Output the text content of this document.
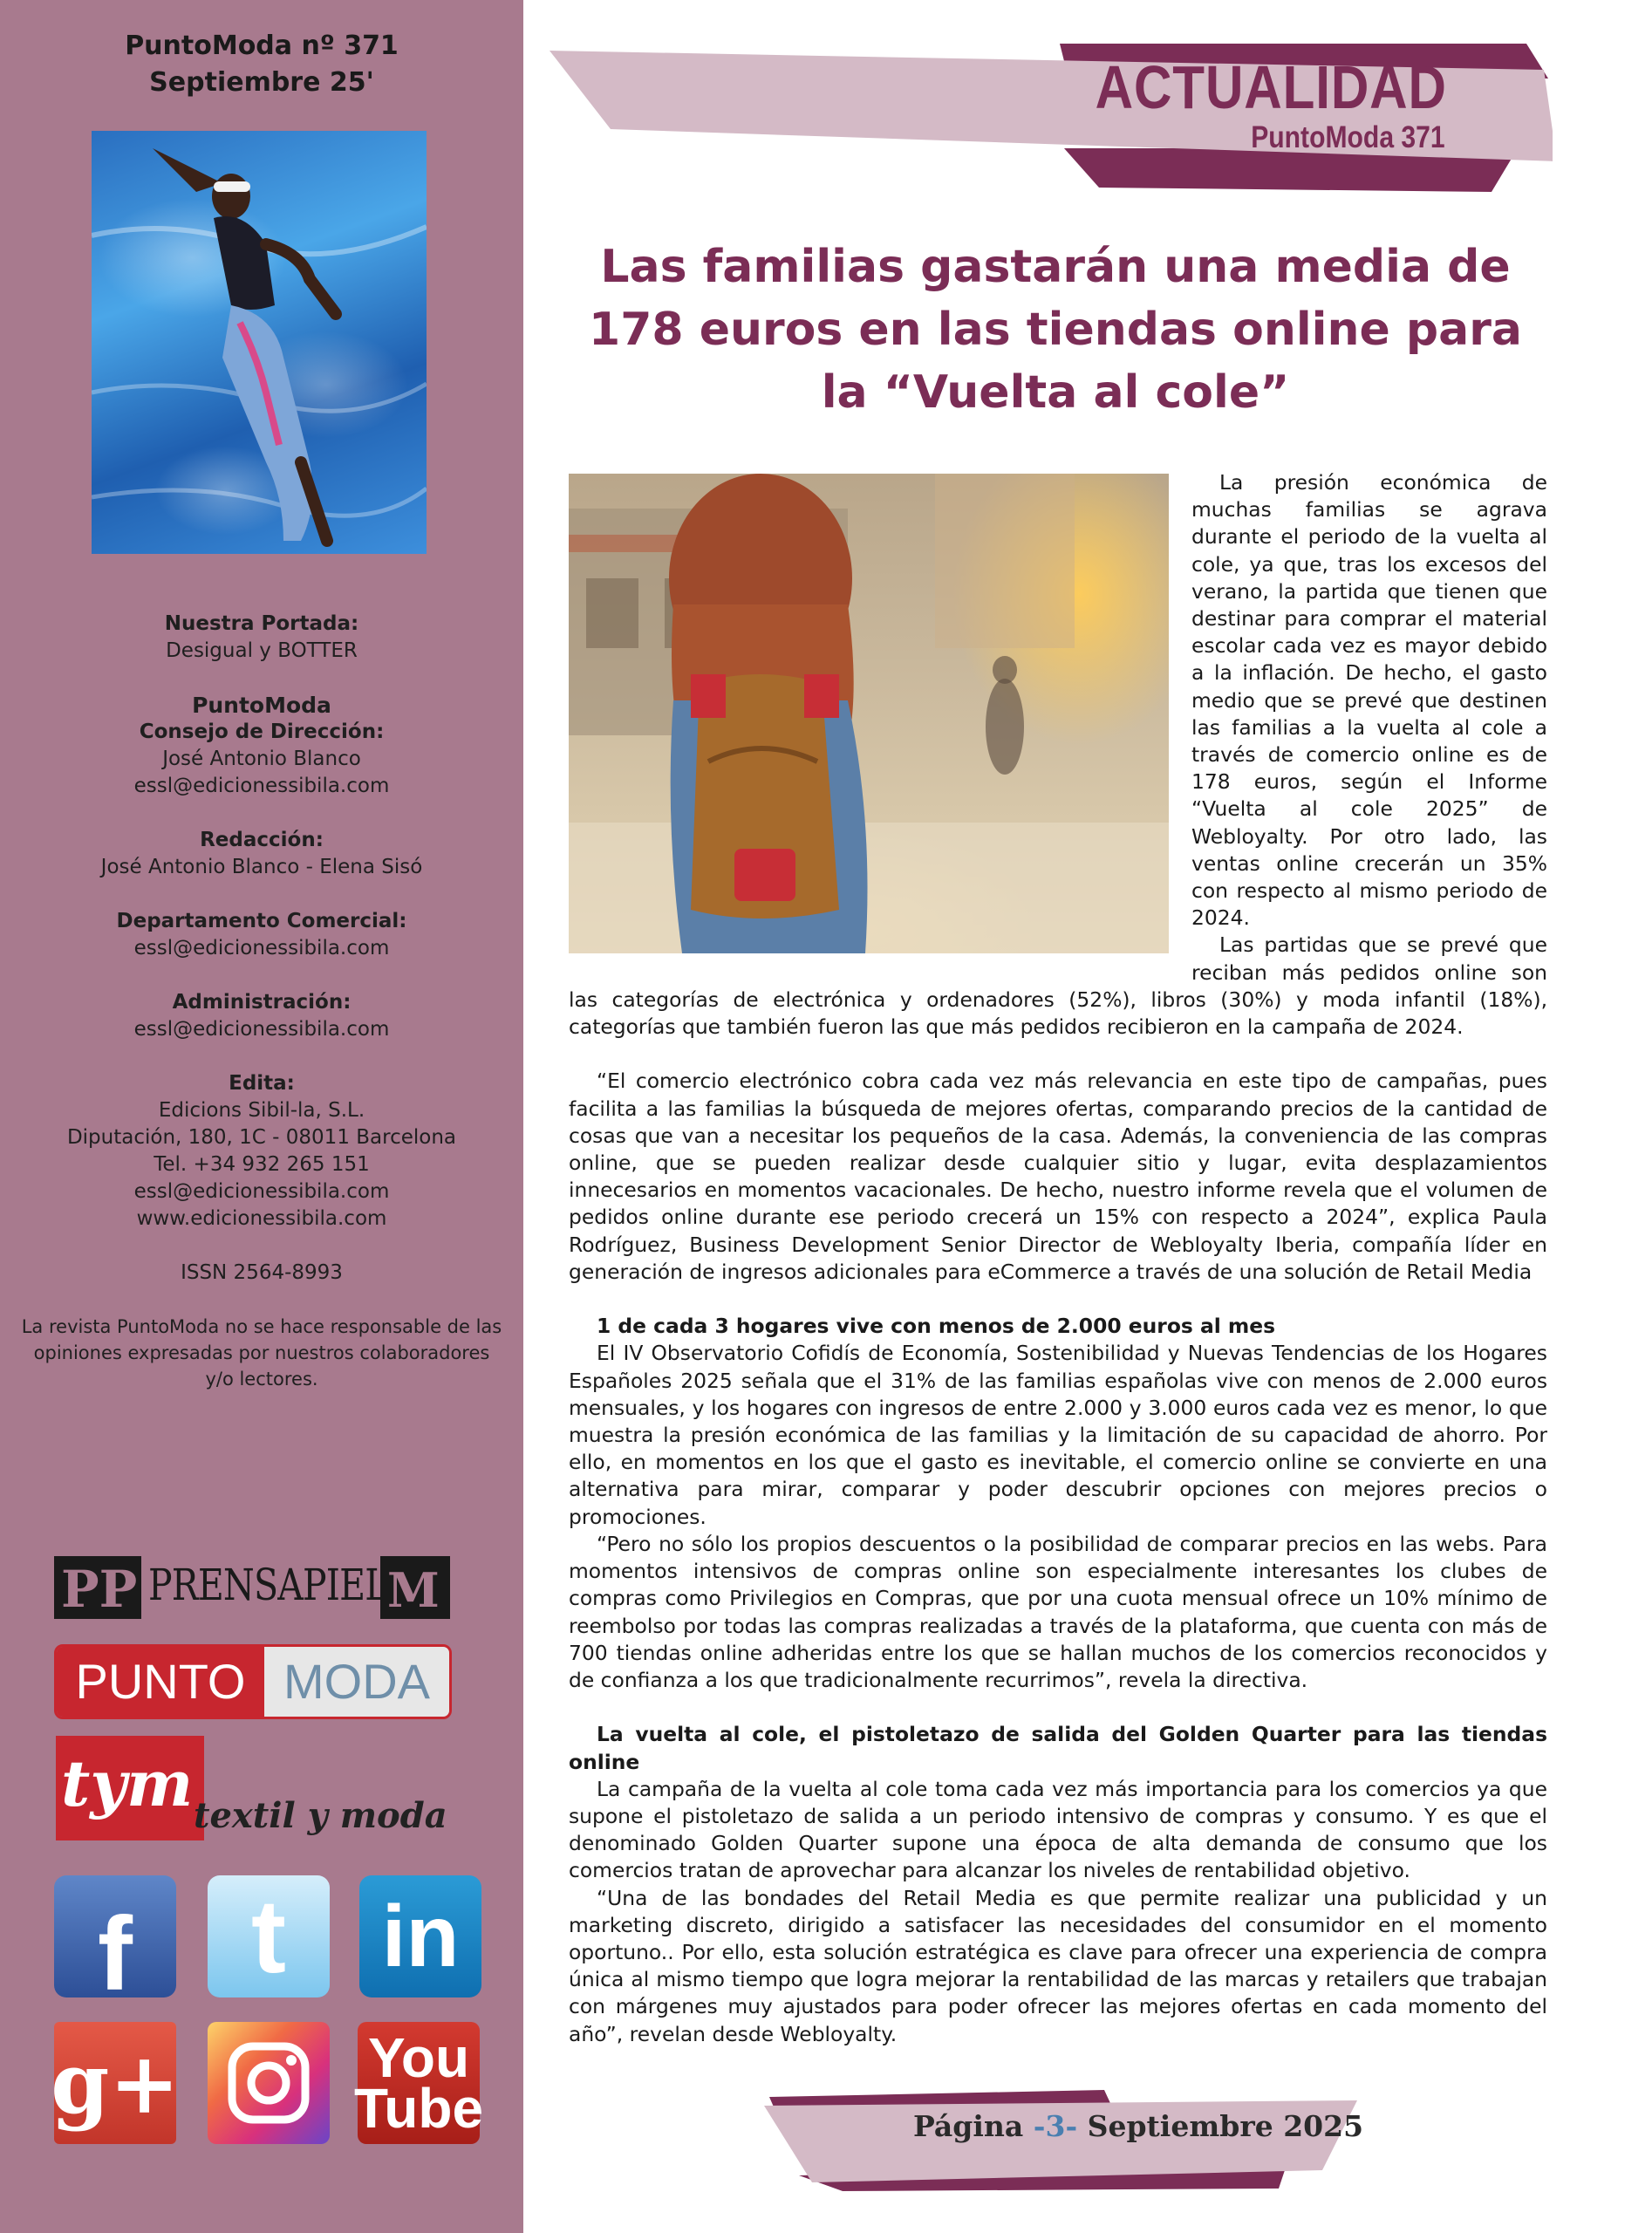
PuntoModa nº 371
Septiembre 25'
Nuestra Portada:
Desigual y BOTTER
PuntoModa
Consejo de Dirección:
José Antonio Blanco
essl@edicionessibila.com
Redacción:
José Antonio Blanco - Elena Sisó
Departamento Comercial:
essl@edicionessibila.com
Administración:
essl@edicionessibila.com
Edita:
Edicions Sibil-la, S.L.
Diputación, 180, 1C - 08011 Barcelona
Tel. +34 932 265 151
essl@edicionessibila.com
www.edicionessibila.com
ISSN 2564-8993
La revista PuntoModa no se hace responsable de las opiniones expresadas por nuestros colaboradores y/o lectores.
PP	M
PRENSAPIEL
PUNTO MODA
tym textil y moda
f	t	in
g+	You
Tube
ACTUALIDAD
PuntoModa 371
Las familias gastarán una media de 178 euros en las tiendas online para la “Vuelta al cole”

La presión económica de muchas familias se agrava durante el periodo de la vuelta al cole, ya que, tras los excesos del verano, la partida que tienen que destinar para comprar el material escolar cada vez es mayor debido a la inflación. De hecho, el gasto medio que se prevé que destinen las familias a la vuelta al cole a través de comercio online es de 178 euros, según el Informe “Vuelta al cole 2025” de Webloyalty. Por otro lado, las ventas online crecerán un 35% con respecto al mismo periodo de 2024.

Las partidas que se prevé que reciban más pedidos online son las categorías de electrónica y ordenadores (52%), libros (30%) y moda infantil (18%), categorías que también fueron las que más pedidos recibieron en la campaña de 2024.

“El comercio electrónico cobra cada vez más relevancia en este tipo de campañas, pues facilita a las familias la búsqueda de mejores ofertas, comparando precios de la cantidad de cosas que van a necesitar los pequeños de la casa. Además, la conveniencia de las compras online, que se pueden realizar desde cualquier sitio y lugar, evita desplazamientos innecesarios en momentos vacacionales. De hecho, nuestro informe revela que el volumen de pedidos online durante ese periodo crecerá un 15% con respecto a 2024”, explica Paula Rodríguez, Business Development Senior Director de Webloyalty Iberia, compañía líder en generación de ingresos adicionales para eCommerce a través de una solución de Retail Media

1 de cada 3 hogares vive con menos de 2.000 euros al mes

El IV Observatorio Cofidís de Economía, Sostenibilidad y Nuevas Tendencias de los Hogares Españoles 2025 señala que el 31% de las familias españolas vive con menos de 2.000 euros mensuales, y los hogares con ingresos de entre 2.000 y 3.000 euros cada vez es menor, lo que muestra la presión económica de las familias y la limitación de su capacidad de ahorro. Por ello, en momentos en los que el gasto es inevitable, el comercio online se convierte en una alternativa para mirar, comparar y poder descubrir opciones con mejores precios o promociones.

“Pero no sólo los propios descuentos o la posibilidad de comparar precios en las webs. Para momentos intensivos de compras online son especialmente interesantes los clubes de compras como Privilegios en Compras, que por una cuota mensual ofrece un 10% mínimo de reembolso por todas las compras realizadas a través de la plataforma, que cuenta con más de 700 tiendas online adheridas entre los que se hallan muchos de los comercios reconocidos y de confianza a los que tradicionalmente recurrimos”, revela la directiva.

La vuelta al cole, el pistoletazo de salida del Golden Quarter para las tiendas online

La campaña de la vuelta al cole toma cada vez más importancia para los comercios ya que supone el pistoletazo de salida a un periodo intensivo de compras y consumo. Y es que el denominado Golden Quarter supone una época de alta demanda de consumo que los comercios tratan de aprovechar para alcanzar los niveles de rentabilidad objetivo.

“Una de las bondades del Retail Media es que permite realizar una publicidad y un marketing discreto, dirigido a satisfacer las necesidades del consumidor en el momento oportuno.. Por ello, esta solución estratégica es clave para ofrecer una experiencia de compra única al mismo tiempo que logra mejorar la rentabilidad de las marcas y retailers que trabajan con márgenes muy ajustados para poder ofrecer las mejores ofertas en cada momento del año”, revelan desde Webloyalty.

Página -3- Septiembre 2025
